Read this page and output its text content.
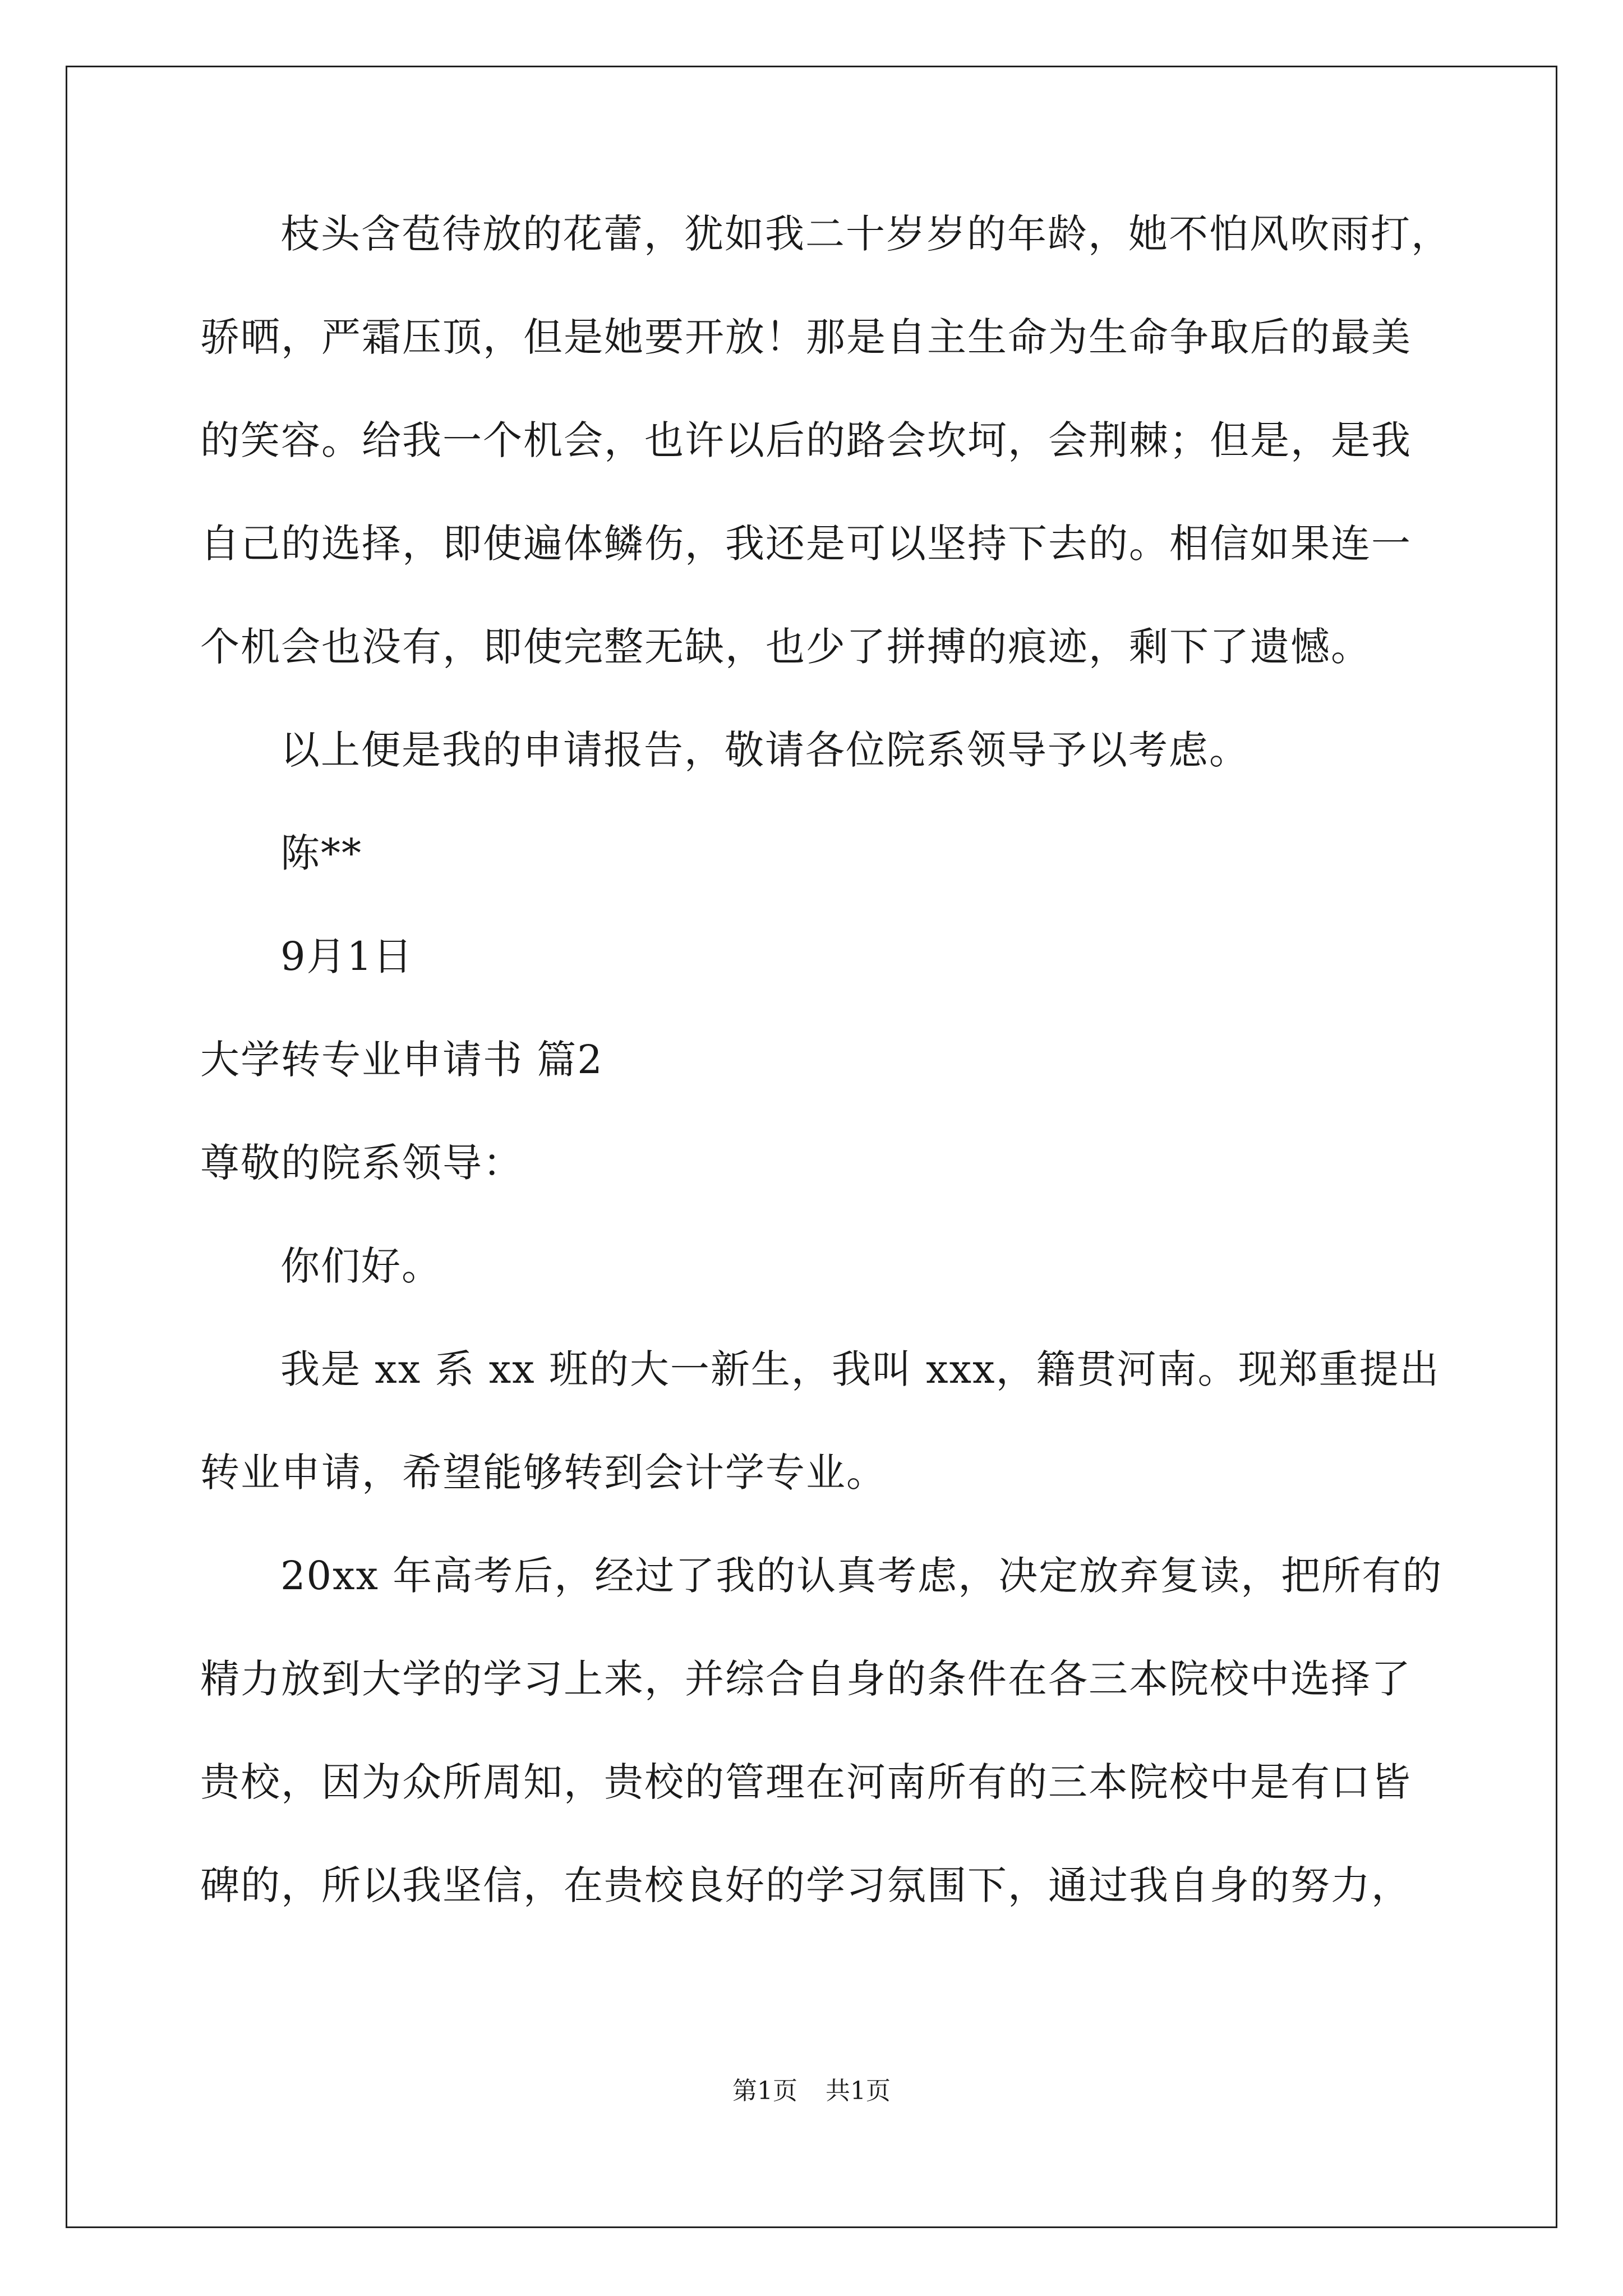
枝头含苞待放的花蕾，犹如我二十岁岁的年龄，她不怕风吹雨打，
骄晒，严霜压顶，但是她要开放！那是自主生命为生命争取后的最美
的笑容。给我一个机会，也许以后的路会坎坷，会荆棘；但是，是我
自己的选择，即使遍体鳞伤，我还是可以坚持下去的。相信如果连一
个机会也没有，即使完整无缺，也少了拼搏的痕迹，剩下了遗憾。
以上便是我的申请报告，敬请各位院系领导予以考虑。
陈**
9月1日
大学转专业申请书 篇2
尊敬的院系领导：
你们好。
我是 xx 系 xx 班的大一新生，我叫 xxx，籍贯河南。现郑重提出
转业申请，希望能够转到会计学专业。
20xx 年高考后，经过了我的认真考虑，决定放弃复读，把所有的
精力放到大学的学习上来，并综合自身的条件在各三本院校中选择了
贵校，因为众所周知，贵校的管理在河南所有的三本院校中是有口皆
碑的，所以我坚信，在贵校良好的学习氛围下，通过我自身的努力，
第1页 共1页
